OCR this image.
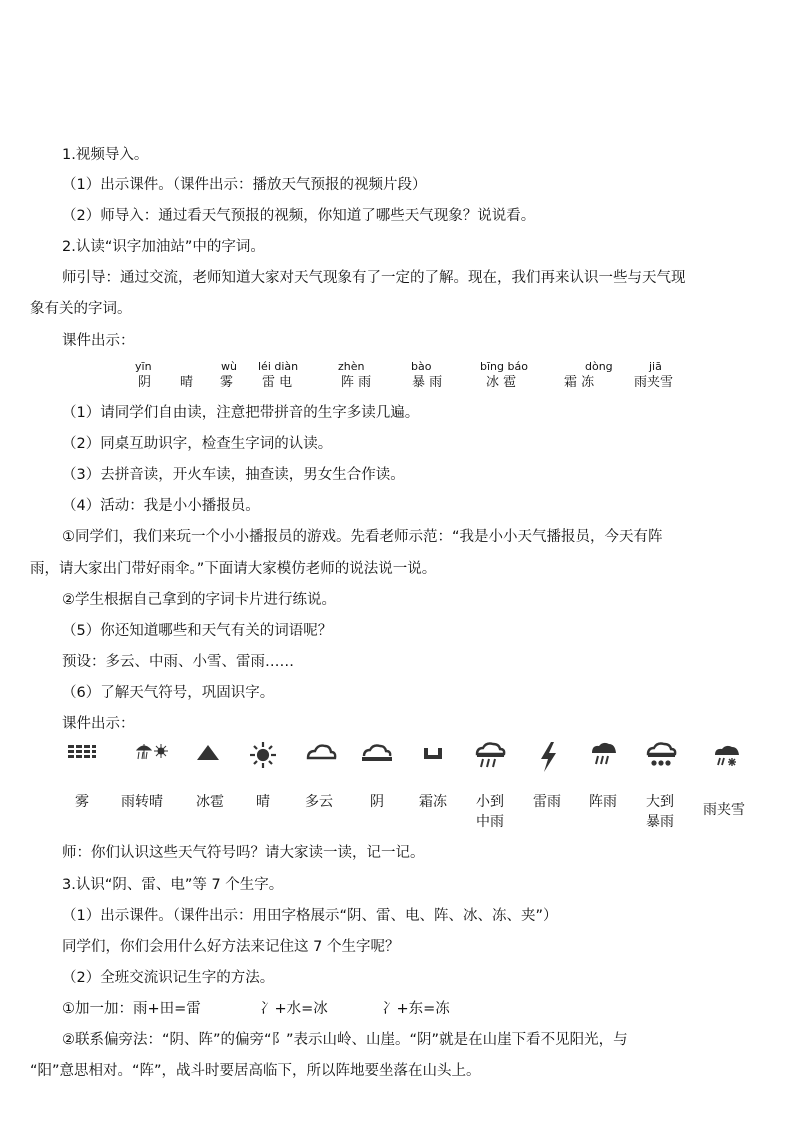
1.视频导入。
（1）出示课件。（课件出示：播放天气预报的视频片段）
（2）师导入：通过看天气预报的视频，你知道了哪些天气现象？说说看。
2.认读“识字加油站”中的字词。
师引导：通过交流，老师知道大家对天气现象有了一定的了解。现在，我们再来认识一些与天气现
象有关的字词。
课件出示：
yīn
阴 晴
wù
雾
léi diàn
雷 电
zhèn
阵 雨
bào
暴 雨
bīng báo
冰 雹
dòng
霜 冻
jiā
雨夹雪
（1）请同学们自由读，注意把带拼音的生字多读几遍。
（2）同桌互助识字，检查生字词的认读。
（3）去拼音读，开火车读，抽查读，男女生合作读。
（4）活动：我是小小播报员。
①同学们，我们来玩一个小小播报员的游戏。先看老师示范：“我是小小天气播报员，今天有阵
雨，请大家出门带好雨伞。”下面请大家模仿老师的说法说一说。
②学生根据自己拿到的字词卡片进行练说。
（5）你还知道哪些和天气有关的词语呢？
预设：多云、中雨、小雪、雷雨……
（6）了解天气符号，巩固识字。
课件出示：
雾	雨转晴	冰雹	晴	多云	阴	霜冻	小到
中雨
雷雨	阵雨	大到
暴雨
雨夹雪
师：你们认识这些天气符号吗？请大家读一读，记一记。
3.认识“阴、雷、电”等 7 个生字。
（1）出示课件。（课件出示：用田字格展示“阴、雷、电、阵、冰、冻、夹”）
同学们，你们会用什么好方法来记住这 7 个生字呢？
（2）全班交流识记生字的方法。
①加一加：雨+田=雷	冫+水=冰	冫+东=冻
②联系偏旁法：“阴、阵”的偏旁“阝”表示山岭、山崖。“阴”就是在山崖下看不见阳光，与
“阳”意思相对。“阵”，战斗时要居高临下，所以阵地要坐落在山头上。
